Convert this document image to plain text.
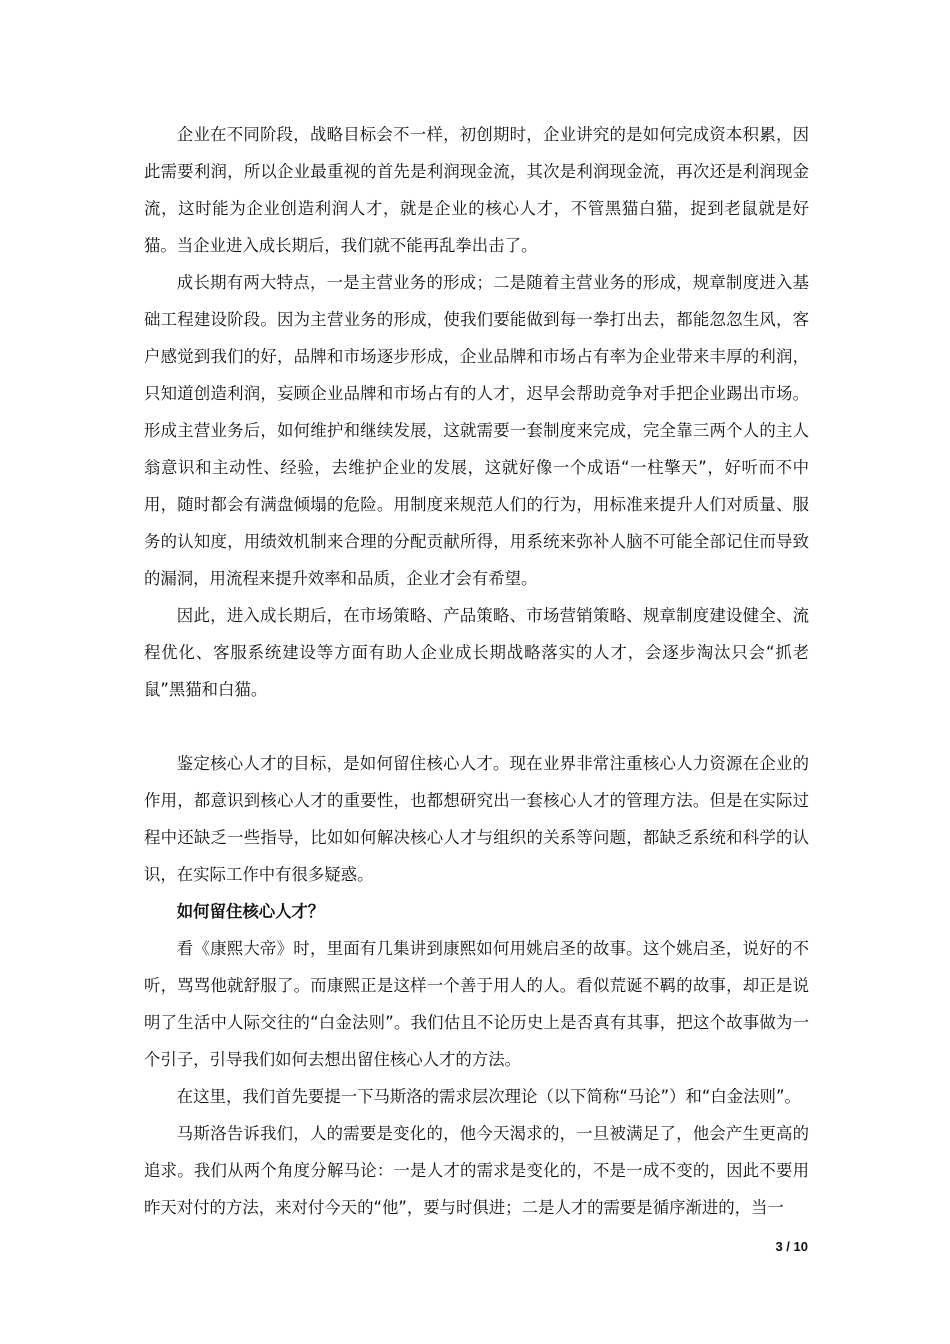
企业在不同阶段，战略目标会不一样，初创期时，企业讲究的是如何完成资本积累，因此需要利润，所以企业最重视的首先是利润现金流，其次是利润现金流，再次还是利润现金流，这时能为企业创造利润人才，就是企业的核心人才，不管黑猫白猫，捉到老鼠就是好猫。当企业进入成长期后，我们就不能再乱拳出击了。

成长期有两大特点，一是主营业务的形成；二是随着主营业务的形成，规章制度进入基础工程建设阶段。因为主营业务的形成，使我们要能做到每一拳打出去，都能忽忽生风，客户感觉到我们的好，品牌和市场逐步形成，企业品牌和市场占有率为企业带来丰厚的利润，只知道创造利润，妄顾企业品牌和市场占有的人才，迟早会帮助竞争对手把企业踢出市场。形成主营业务后，如何维护和继续发展，这就需要一套制度来完成，完全靠三两个人的主人翁意识和主动性、经验，去维护企业的发展，这就好像一个成语“一柱擎天”，好听而不中用，随时都会有满盘倾塌的危险。用制度来规范人们的行为，用标准来提升人们对质量、服务的认知度，用绩效机制来合理的分配贡献所得，用系统来弥补人脑不可能全部记住而导致的漏洞，用流程来提升效率和品质，企业才会有希望。

因此，进入成长期后，在市场策略、产品策略、市场营销策略、规章制度建设健全、流程优化、客服系统建设等方面有助人企业成长期战略落实的人才，会逐步淘汰只会“抓老鼠”黑猫和白猫。

鉴定核心人才的目标，是如何留住核心人才。现在业界非常注重核心人力资源在企业的作用，都意识到核心人才的重要性，也都想研究出一套核心人才的管理方法。但是在实际过程中还缺乏一些指导，比如如何解决核心人才与组织的关系等问题，都缺乏系统和科学的认识，在实际工作中有很多疑惑。

如何留住核心人才？

看《康熙大帝》时，里面有几集讲到康熙如何用姚启圣的故事。这个姚启圣，说好的不听，骂骂他就舒服了。而康熙正是这样一个善于用人的人。看似荒诞不羁的故事，却正是说明了生活中人际交往的“白金法则”。我们估且不论历史上是否真有其事，把这个故事做为一个引子，引导我们如何去想出留住核心人才的方法。

在这里，我们首先要提一下马斯洛的需求层次理论（以下简称“马论”）和“白金法则”。

马斯洛告诉我们，人的需要是变化的，他今天渴求的，一旦被满足了，他会产生更高的追求。我们从两个角度分解马论：一是人才的需求是变化的，不是一成不变的，因此不要用昨天对付的方法，来对付今天的“他”，要与时俱进；二是人才的需要是循序渐进的，当一

3 / 10
